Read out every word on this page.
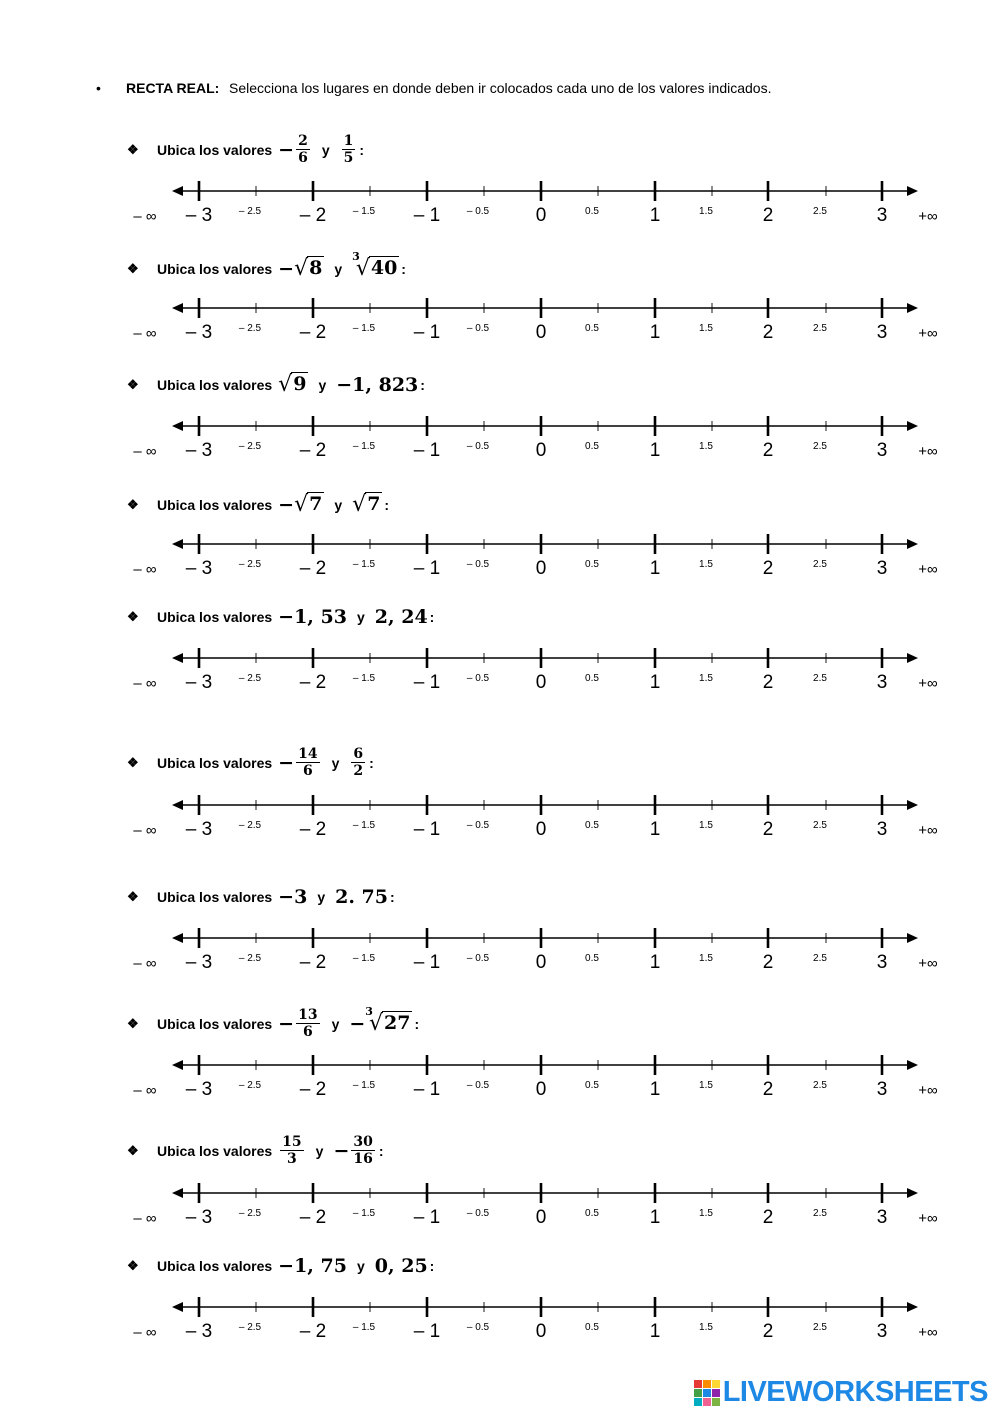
• RECTA REAL: Selecciona los lugares en donde deben ir colocados cada uno de los valores indicados.
❖	Ubica los valores − $\frac{2}{6}$ y $\frac{1}{5}$ :
– 3	– 2	– 1	0	1	2	3
– 2.5	– 1.5	– 0.5	0.5	1.5	2.5
– ∞	+∞
❖	Ubica los valores − √ 8 y
3
√ 40 :
– 3	– 2	– 1	0	1	2	3
– 2.5	– 1.5	– 0.5	0.5	1.5	2.5
– ∞	+∞
❖	Ubica los valores √ 9 y −1, 823 :
– 3	– 2	– 1	0	1	2	3
– 2.5	– 1.5	– 0.5	0.5	1.5	2.5
– ∞	+∞
❖	Ubica los valores − √ 7 y √ 7 :
– 3	– 2	– 1	0	1	2	3
– 2.5	– 1.5	– 0.5	0.5	1.5	2.5
– ∞	+∞
❖	Ubica los valores −1, 53 y 2, 24 :
– 3	– 2	– 1	0	1	2	3
– 2.5	– 1.5	– 0.5	0.5	1.5	2.5
– ∞	+∞
❖	Ubica los valores − $\frac{14}{6}$ y $\frac{6}{2}$ :
– 3	– 2	– 1	0	1	2	3
– 2.5	– 1.5	– 0.5	0.5	1.5	2.5
– ∞	+∞
❖	Ubica los valores −3 y 2. 75 :
– 3	– 2	– 1	0	1	2	3
– 2.5	– 1.5	– 0.5	0.5	1.5	2.5
– ∞	+∞
❖	Ubica los valores − $\frac{13}{6}$ y −
3
√ 27 :
– 3	– 2	– 1	0	1	2	3
– 2.5	– 1.5	– 0.5	0.5	1.5	2.5
– ∞	+∞
❖	Ubica los valores $\frac{15}{3}$ $y - \frac{30}{16}$ :
– 3	– 2	– 1	0	1	2	3
– 2.5	– 1.5	– 0.5	0.5	1.5	2.5
– ∞	+∞
❖	Ubica los valores −1, 75 y 0, 25 :
– 3	– 2	– 1	0	1	2	3
– 2.5	– 1.5	– 0.5	0.5	1.5	2.5
– ∞	+∞
LIVEWORKSHEETS
